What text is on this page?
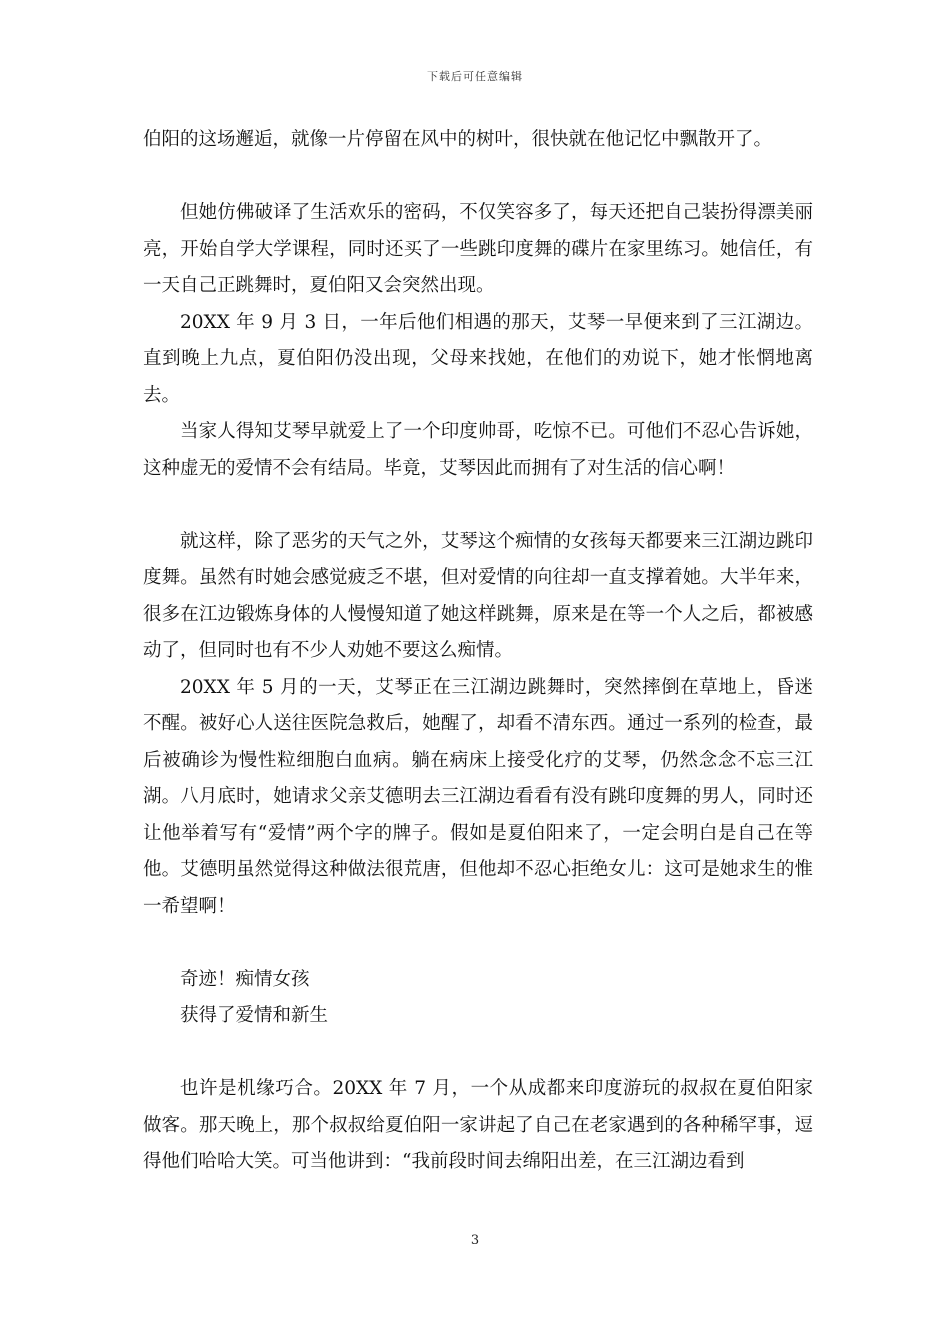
下载后可任意编辑

伯阳的这场邂逅，就像一片停留在风中的树叶，很快就在他记忆中飘散开了。

但她仿佛破译了生活欢乐的密码，不仅笑容多了，每天还把自己装扮得漂美丽亮，开始自学大学课程，同时还买了一些跳印度舞的碟片在家里练习。她信任，有一天自己正跳舞时，夏伯阳又会突然出现。

20XX 年 9 月 3 日，一年后他们相遇的那天，艾琴一早便来到了三江湖边。直到晚上九点，夏伯阳仍没出现，父母来找她，在他们的劝说下，她才怅惘地离去。

当家人得知艾琴早就爱上了一个印度帅哥，吃惊不已。可他们不忍心告诉她，这种虚无的爱情不会有结局。毕竟，艾琴因此而拥有了对生活的信心啊！

就这样，除了恶劣的天气之外，艾琴这个痴情的女孩每天都要来三江湖边跳印度舞。虽然有时她会感觉疲乏不堪，但对爱情的向往却一直支撑着她。大半年来，很多在江边锻炼身体的人慢慢知道了她这样跳舞，原来是在等一个人之后，都被感动了，但同时也有不少人劝她不要这么痴情。

20XX 年 5 月的一天，艾琴正在三江湖边跳舞时，突然摔倒在草地上，昏迷不醒。被好心人送往医院急救后，她醒了，却看不清东西。通过一系列的检查，最后被确诊为慢性粒细胞白血病。躺在病床上接受化疗的艾琴，仍然念念不忘三江湖。八月底时，她请求父亲艾德明去三江湖边看看有没有跳印度舞的男人，同时还让他举着写有“爱情”两个字的牌子。假如是夏伯阳来了，一定会明白是自己在等他。艾德明虽然觉得这种做法很荒唐，但他却不忍心拒绝女儿：这可是她求生的惟一希望啊！

奇迹！痴情女孩

获得了爱情和新生

也许是机缘巧合。20XX 年 7 月，一个从成都来印度游玩的叔叔在夏伯阳家做客。那天晚上，那个叔叔给夏伯阳一家讲起了自己在老家遇到的各种稀罕事，逗得他们哈哈大笑。可当他讲到：“我前段时间去绵阳出差，在三江湖边看到

3
